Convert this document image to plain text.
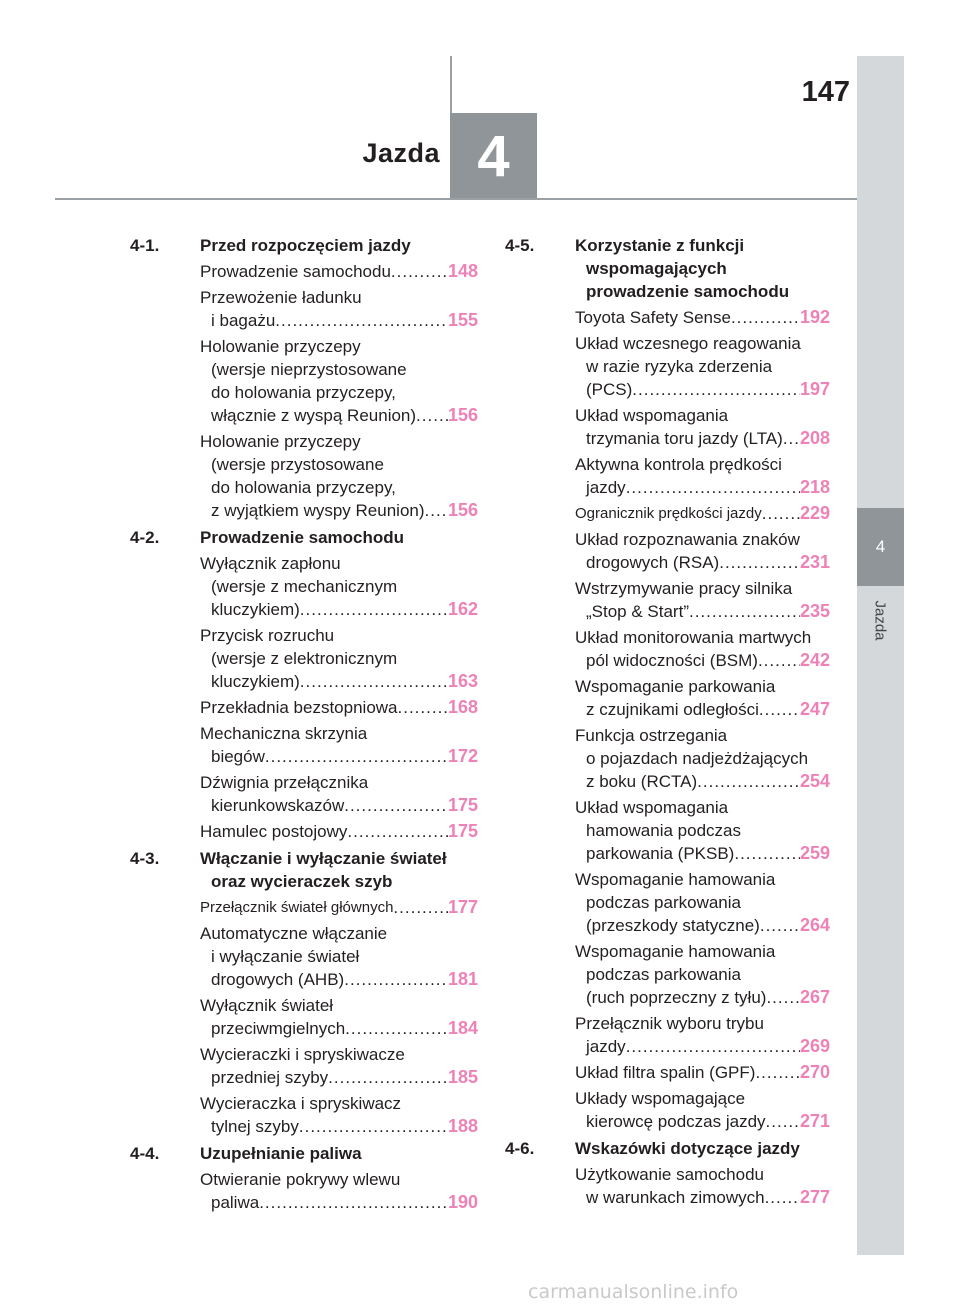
4
Jazda
147
4
Jazda
4-1.	Przed rozpoczęciem jazdy
Prowadzenie samochodu .....	148
Przewożenie ładunku
i bagażu .....	155
Holowanie przyczepy
(wersje nieprzystosowane
do holowania przyczepy,
włącznie z wyspą Reunion) ..... 156
Holowanie przyczepy
(wersje przystosowane
do holowania przyczepy,
z wyjątkiem wyspy Reunion) ..... 156
4-2.	Prowadzenie samochodu
Wyłącznik zapłonu
(wersje z mechanicznym
kluczykiem) .....	162
Przycisk rozruchu
(wersje z elektronicznym
kluczykiem) .....	163
Przekładnia bezstopniowa .....	168
Mechaniczna skrzynia
biegów .....	172
Dźwignia przełącznika
kierunkowskazów .....	175
Hamulec postojowy .....	175
4-3.	Włączanie i wyłączanie świateł
oraz wycieraczek szyb
Przełącznik świateł głównych .....	177
Automatyczne włączanie
i wyłączanie świateł
drogowych (AHB) .....	181
Wyłącznik świateł
przeciwmgielnych .....	184
Wycieraczki i spryskiwacze
przedniej szyby .....	185
Wycieraczka i spryskiwacz
tylnej szyby .....	188
4-4.	Uzupełnianie paliwa
Otwieranie pokrywy wlewu
paliwa .....	190
4-5.	Korzystanie z funkcji
wspomagających
prowadzenie samochodu
Toyota Safety Sense .....	192
Układ wczesnego reagowania
w razie ryzyka zderzenia
(PCS) .....	197
Układ wspomagania
trzymania toru jazdy (LTA) ..... 208
Aktywna kontrola prędkości
jazdy .....	218
Ogranicznik prędkości jazdy ..... 229
Układ rozpoznawania znaków
drogowych (RSA) .....	231
Wstrzymywanie pracy silnika
„Stop & Start” .....	235
Układ monitorowania martwych
pól widoczności (BSM) ..... 242
Wspomaganie parkowania
z czujnikami odległości ..... 247
Funkcja ostrzegania
o pojazdach nadjeżdżających
z boku (RCTA) .....	254
Układ wspomagania
hamowania podczas
parkowania (PKSB) .....	259
Wspomaganie hamowania
podczas parkowania
(przeszkody statyczne) ..... 264
Wspomaganie hamowania
podczas parkowania
(ruch poprzeczny z tyłu) ..... 267
Przełącznik wyboru trybu
jazdy .....	269
Układ filtra spalin (GPF) ..... 270
Układy wspomagające
kierowcę podczas jazdy ..... 271
4-6.	Wskazówki dotyczące jazdy
Użytkowanie samochodu
w warunkach zimowych ..... 277
carmanualsonline.info
